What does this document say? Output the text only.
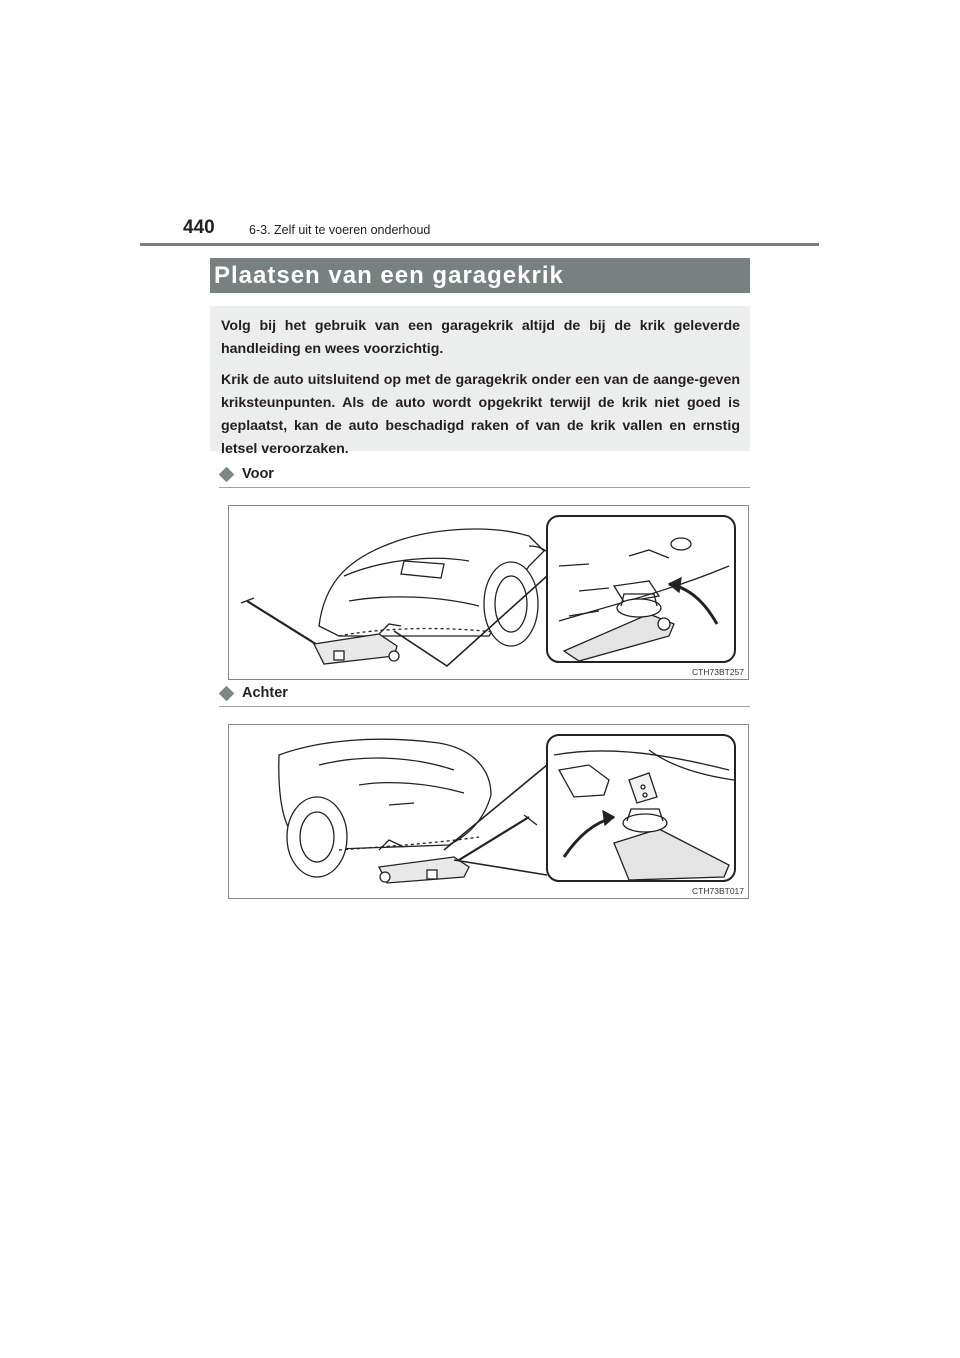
440	6-3. Zelf uit te voeren onderhoud
Plaatsen van een garagekrik

Volg bij het gebruik van een garagekrik altijd de bij de krik geleverde handleiding en wees voorzichtig.

Krik de auto uitsluitend op met de garagekrik onder een van de aange-geven kriksteunpunten. Als de auto wordt opgekrikt terwijl de krik niet goed is geplaatst, kan de auto beschadigd raken of van de krik vallen en ernstig letsel veroorzaken.

Voor
CTH73BT257
Achter
CTH73BT017
